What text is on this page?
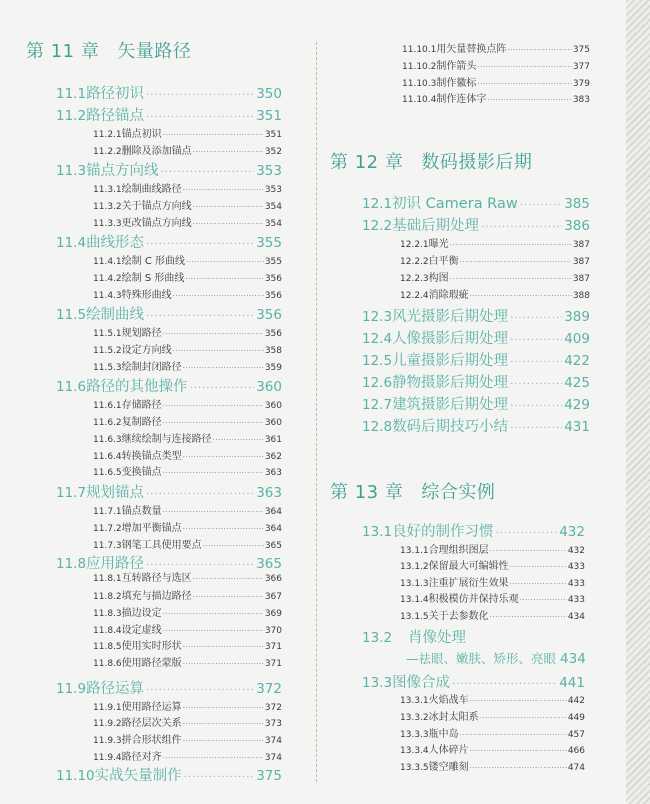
第 11 章 矢量路径
第 12 章 数码摄影后期
第 13 章 综合实例
11.1 路径初识 ·····	350
11.2 路径锚点 ·····	351
11.2.1 锚点初识 ·····	351
11.2.2 删除及添加锚点 ·····	352
11.3 锚点方向线 ·····	353
11.3.1 绘制曲线路径 ·····	353
11.3.2 关于锚点方向线 ·····	354
11.3.3 更改锚点方向线 ·····	354
11.4 曲线形态 ·····	355
11.4.1 绘制 C 形曲线 ·····	355
11.4.2 绘制 S 形曲线 ·····	356
11.4.3 特殊形曲线 ·····	356
11.5 绘制曲线 ·····	356
11.5.1 规划路径 ·····	356
11.5.2 设定方向线 ·····	358
11.5.3 绘制封闭路径 ·····	359
11.6 路径的其他操作 ·····	360
11.6.1 存储路径 ·····	360
11.6.2 复制路径 ·····	360
11.6.3 继续绘制与连接路径 ·····	361
11.6.4 转换锚点类型 ·····	362
11.6.5 变换锚点 ·····	363
11.7 规划锚点 ·····	363
11.7.1 锚点数量 ·····	364
11.7.2 增加平衡锚点 ·····	364
11.7.3 钢笔工具使用要点 ·····	365
11.8 应用路径 ·····	365
11.8.1 互转路径与选区 ·····	366
11.8.2 填充与描边路径 ·····	367
11.8.3 描边设定 ·····	369
11.8.4 设定虚线 ·····	370
11.8.5 使用实时形状 ·····	371
11.8.6 使用路径蒙版 ·····	371
11.9 路径运算 ·····	372
11.9.1 使用路径运算 ·····	372
11.9.2 路径层次关系 ·····	373
11.9.3 拼合形状组件 ·····	374
11.9.4 路径对齐 ·····	374
11.10 实战矢量制作 ·····	375
11.10.1 用矢量替换点阵 ·····	375
11.10.2 制作箭头 ·····	377
11.10.3 制作徽标 ·····	379
11.10.4 制作连体字 ·····	383
12.1 初识 Camera Raw ·····	385
12.2 基础后期处理 ·····	386
12.2.1 曝光 ·····	387
12.2.2 白平衡 ·····	387
12.2.3 构图 ·····	387
12.2.4 消除瑕疵 ·····	388
12.3 风光摄影后期处理 ·····	389
12.4 人像摄影后期处理 ·····	409
12.5 儿童摄影后期处理 ·····	422
12.6 静物摄影后期处理 ·····	425
12.7 建筑摄影后期处理 ·····	429
12.8 数码后期技巧小结 ·····	431
13.1 良好的制作习惯 ·····	432
13.1.1 合理组织图层 ·····	432
13.1.2 保留最大可编辑性 ·····	433
13.1.3 注重扩展衍生效果 ·····	433
13.1.4 积极模仿并保持乐观 ·····	433
13.1.5 关于去参数化 ·····	434
13.2	肖像处理
—祛眼、嫩肤、矫形、亮眼 434
13.3 图像合成 ·····	441
13.3.1 火焰战车 ·····	442
13.3.2 冰封太阳系 ·····	449
13.3.3 瓶中岛 ·····	457
13.3.4 人体碎片 ·····	466
13.3.5 镂空雕刻 ·····	474
